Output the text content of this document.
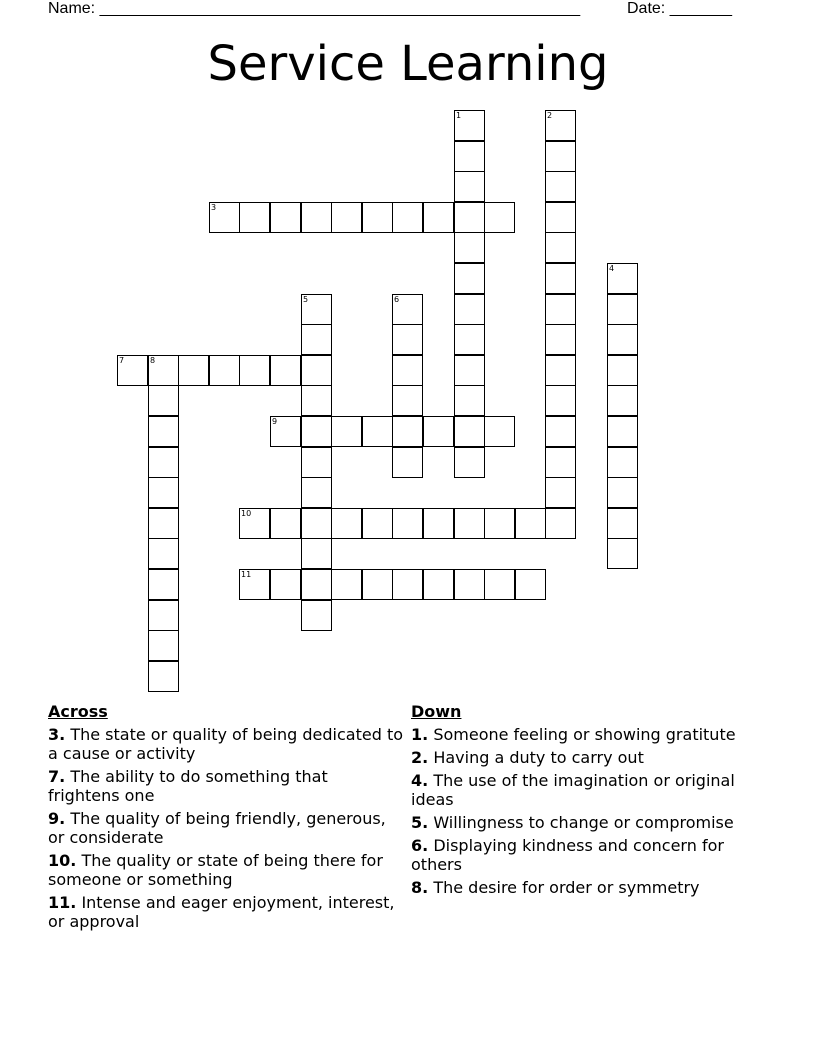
Name: ______________________________________________________	Date: _______
Service Learning
1	2
3
4
5	6
7	8
9
10
11
Across
3. The state or quality of being dedicated to a cause or activity
7. The ability to do something that frightens one
9. The quality of being friendly, generous, or considerate
10. The quality or state of being there for someone or something
11. Intense and eager enjoyment, interest, or approval
Down
1. Someone feeling or showing gratitute
2. Having a duty to carry out
4. The use of the imagination or original ideas
5. Willingness to change or compromise
6. Displaying kindness and concern for others
8. The desire for order or symmetry
